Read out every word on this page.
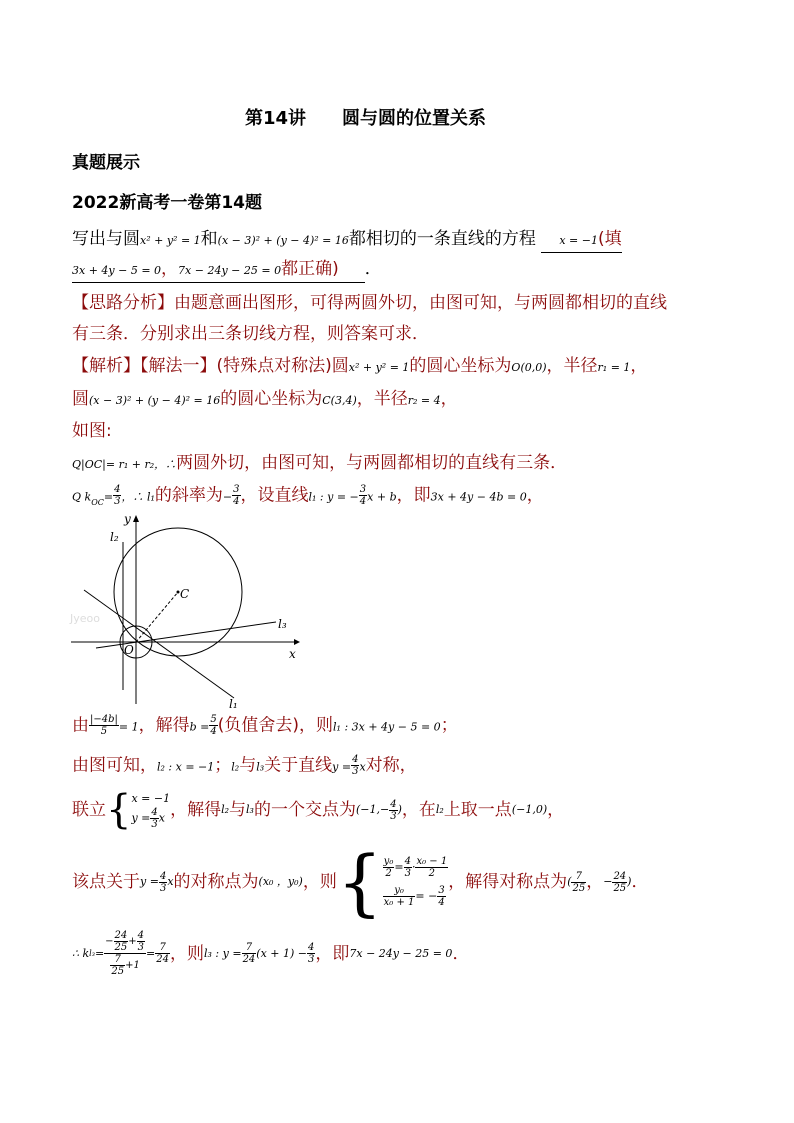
第14讲　　圆与圆的位置关系
真题展示
2022新高考一卷第14题
写出与圆x² + y² = 1和(x − 3)² + (y − 4)² = 16都相切的一条直线的方程 x = −1(填
3x + 4y − 5 = 0，7x − 24y − 25 = 0都正确) ．
【思路分析】由题意画出图形，可得两圆外切，由图可知，与两圆都相切的直线
有三条．分别求出三条切线方程，则答案可求．
【解析】【解法一】(特殊点对称法)圆x² + y² = 1的圆心坐标为O(0,0)，半径r₁ = 1，
圆(x − 3)² + (y − 4)² = 16的圆心坐标为C(3,4)，半径r₂ = 4，
如图:
Q|OC|= r₁ + r₂，∴两圆外切，由图可知，与两圆都相切的直线有三条．
Q $k_{OC}= \frac{4}{3}$ ，∴ l₁的斜率为− $\frac{3}{4}$ ，设直线l₁ : y = − $\frac{3}{4}$ x + b，即3x + 4y − 4b = 0，
y
x
O
C
l₂
l₃
l₁
Jyeoo
由 $\frac{|-4b|}{5} = 1$，解得$b = \frac{5}{4}$ (负值舍去)，则l₁ : 3x + 4y − 5 = 0；
由图可知，l₂ : x = −1；l₂与l₃关于直线$y = \frac{4}{3}$ x对称，
联立 { x = −1
$y = \frac{4}{3}$ x ，解得 l₂ 与 l₃ 的一个交点为 ($-1,- \frac{4}{3}$ ) ，在 l₂ 上取一点 (−1,0) ，
该点关于 $y = \frac{4}{3}$ x 的对称点为 (x₀ ，y₀) ，则 { $\frac{\text{y₀}}{2} = \frac{4}{3} \cdot \frac{\text{x₀ − 1}}{2}$
$\frac{\text{y₀}}{\text{x₀ + 1}}$ = − $\frac{3}{4}$
，解得对称点为 ( $\frac{7}{25}$ ， − $\frac{24}{25}$ ) ．
∴ k $l_3 = \frac{- \frac{24}{25} + \frac{4}{3}}{\frac{7}{25} +1} = \frac{7}{24}$ ，则 l₃ : $y = \frac{7}{24} (x + 1) - \frac{4}{3}$ ，即 7x − 24y − 25 = 0 ．
